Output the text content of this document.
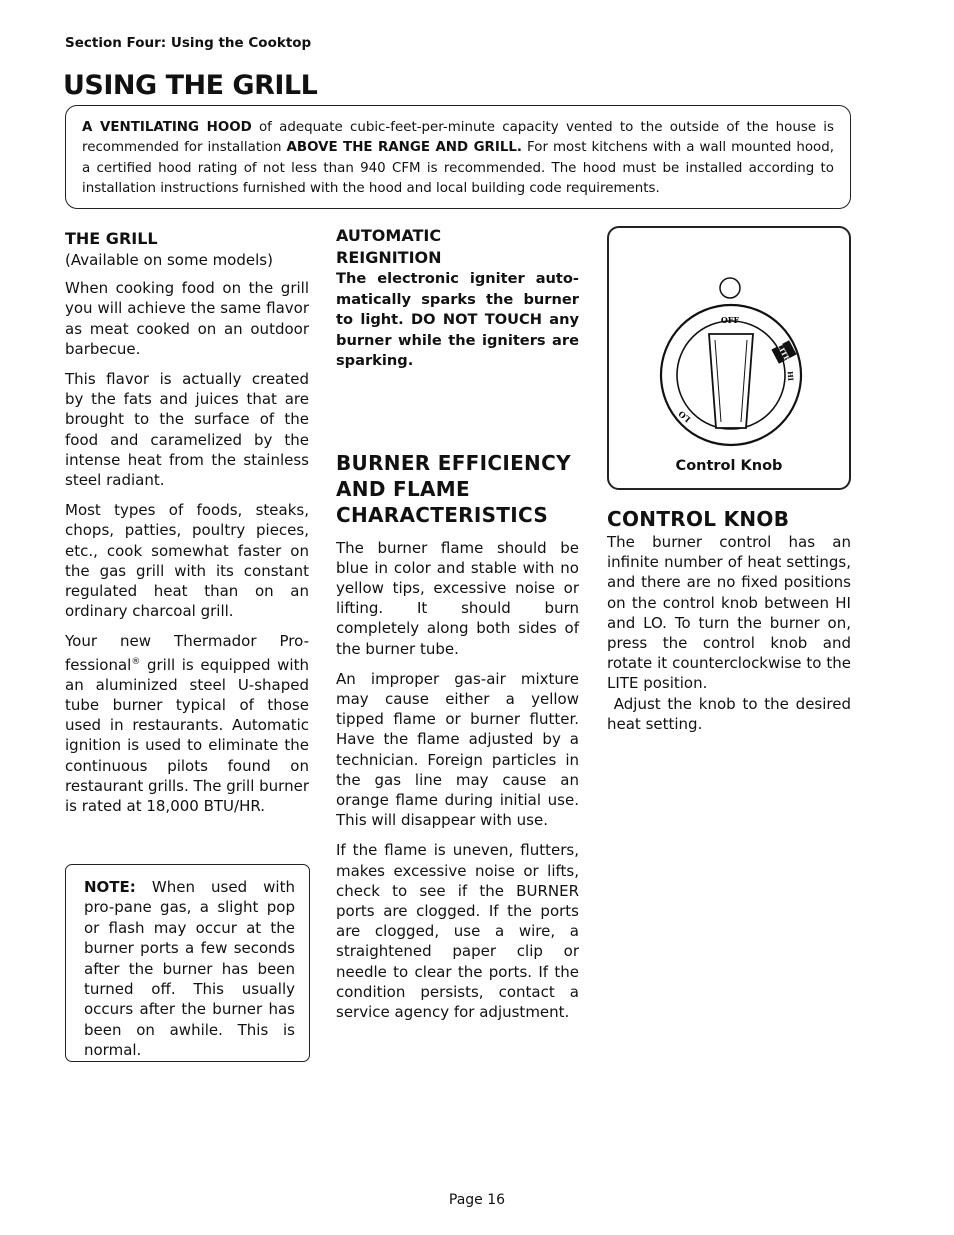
Section Four: Using the Cooktop
USING THE GRILL
A VENTILATING HOOD of adequate cubic-feet-per-minute capacity vented to the outside of the house is recommended for installation ABOVE THE RANGE AND GRILL. For most kitchens with a wall mounted hood, a certified hood rating of not less than 940 CFM is recommended. The hood must be installed according to installation instructions furnished with the hood and local building code requirements.
THE GRILL

(Available on some models)

When cooking food on the grill you will achieve the same flavor as meat cooked on an outdoor barbecue.

This flavor is actually created by the fats and juices that are brought to the surface of the food and caramelized by the intense heat from the stainless steel radiant.

Most types of foods, steaks, chops, patties, poultry pieces, etc., cook somewhat faster on the gas grill with its constant regulated heat than on an ordinary charcoal grill.

Your new Thermador Pro-fessional® grill is equipped with an aluminized steel U-shaped tube burner typical of those used in restaurants. Automatic ignition is used to eliminate the continuous pilots found on restaurant grills. The grill burner is rated at 18,000 BTU/HR.

NOTE: When used with pro-pane gas, a slight pop or flash may occur at the burner ports a few seconds after the burner has been turned off. This usually occurs after the burner has been on awhile. This is normal.
AUTOMATIC REIGNITION

The electronic igniter auto-matically sparks the burner to light. DO NOT TOUCH any burner while the igniters are sparking.

BURNER EFFICIENCY AND FLAME CHARACTERISTICS

The burner flame should be blue in color and stable with no yellow tips, excessive noise or lifting. It should burn completely along both sides of the burner tube.

An improper gas-air mixture may cause either a yellow tipped flame or burner flutter. Have the flame adjusted by a technician. Foreign particles in the gas line may cause an orange flame during initial use. This will disappear with use.

If the flame is uneven, flutters, makes excessive noise or lifts, check to see if the BURNER ports are clogged. If the ports are clogged, use a wire, a straightened paper clip or needle to clear the ports. If the condition persists, contact a service agency for adjustment.

OFF
LITE
HI
LO
Control Knob
CONTROL KNOB

The burner control has an infinite number of heat settings, and there are no fixed positions on the control knob between HI and LO. To turn the burner on, press the control knob and rotate it counterclockwise to the LITE position.

Adjust the knob to the desired heat setting.

Page 16
